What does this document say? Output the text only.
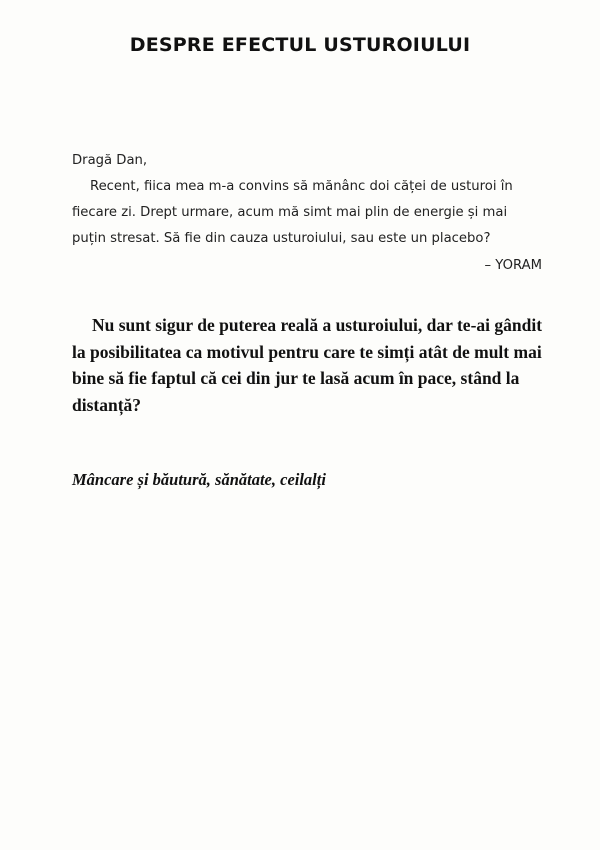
DESPRE EFECTUL USTUROIULUI

Dragă Dan,

Recent, fiica mea m-a convins să mănânc doi căței de usturoi în fiecare zi. Drept urmare, acum mă simt mai plin de energie și mai puțin stresat. Să fie din cauza usturoiului, sau este un placebo?

– YORAM

Nu sunt sigur de puterea reală a usturoiului, dar te-ai gândit la posibilitatea ca motivul pentru care te simți atât de mult mai bine să fie faptul că cei din jur te lasă acum în pace, stând la distanță?

Mâncare și băutură, sănătate, ceilalți
